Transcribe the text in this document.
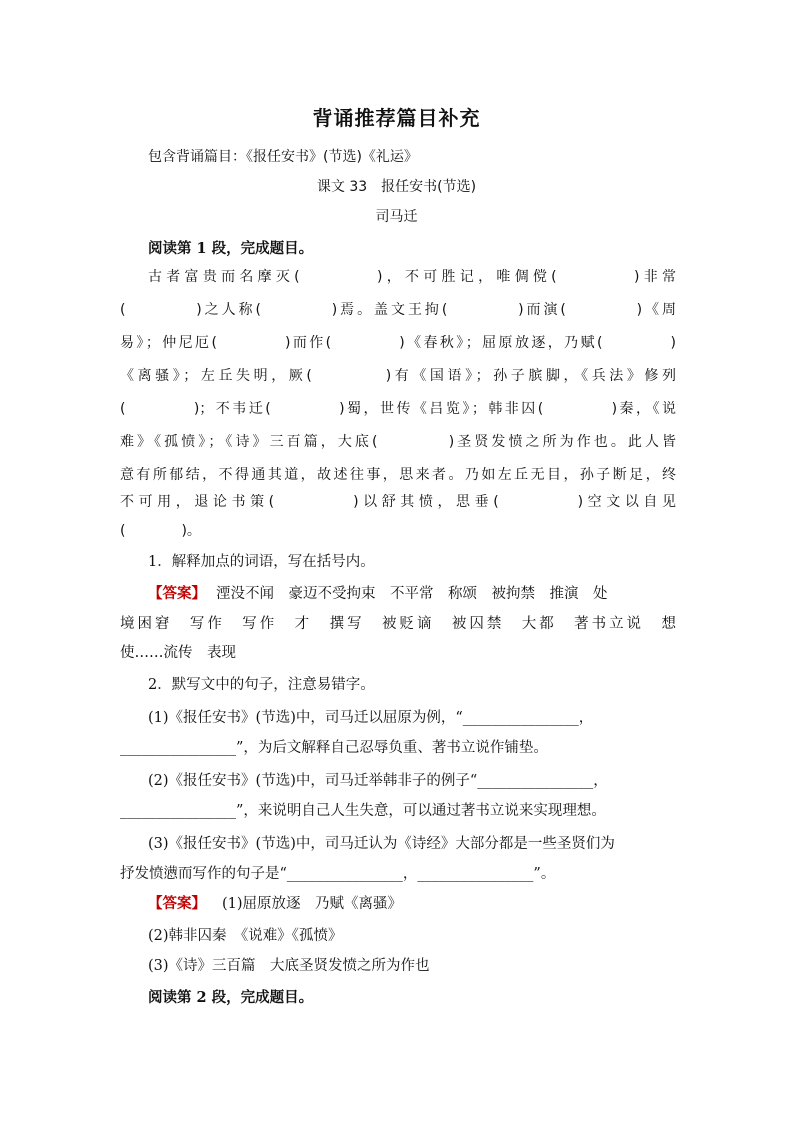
背诵推荐篇目补充
包含背诵篇目：《报任安书》(节选)《礼运》
课文 33　报任安书(节选)
司马迁
阅读第 1 段，完成题目。
古者富贵而名摩灭(　　　　)，不可胜记，唯倜傥(　　　　)非常
(　　　　)之人称(　　　　)焉。盖文王拘(　　　　)而演(　　　　)《周
易》；仲尼厄(　　　　)而作(　　　　)《春秋》；屈原放逐，乃赋(　　　　)
《离骚》；左丘失明，厥(　　　　)有《国语》；孙子膑脚，《兵法》修列
(　　　　)；不韦迁(　　　　)蜀，世传《吕览》；韩非囚(　　　　)秦，《说
难》《孤愤》；《诗》三百篇，大底(　　　　)圣贤发愤之所为作也。此人皆
意有所郁结，不得通其道，故述往事，思来者。乃如左丘无目，孙子断足，终
不可用，退论书策(　　　　)以舒其愤，思垂(　　　　)空文以自见
(　　　　)。
1．解释加点的词语，写在括号内。
【答案】 湮没不闻　豪迈不受拘束　不平常　称颂　被拘禁　推演　处
境困窘　写作　写作　才　撰写　被贬谪　被囚禁　大都　著书立说　想
使……流传　表现
2．默写文中的句子，注意易错字。
(1)《报任安书》(节选)中，司马迁以屈原为例，“________________，
________________”，为后文解释自己忍辱负重、著书立说作铺垫。
(2)《报任安书》(节选)中，司马迁举韩非子的例子“________________，
________________”，来说明自己人生失意，可以通过著书立说来实现理想。
(3)《报任安书》(节选)中，司马迁认为《诗经》大部分都是一些圣贤们为
抒发愤懑而写作的句子是“________________，________________”。
【答案】 (1)屈原放逐　乃赋《离骚》
(2)韩非囚秦　《说难》《孤愤》
(3)《诗》三百篇　大底圣贤发愤之所为作也
阅读第 2 段，完成题目。
